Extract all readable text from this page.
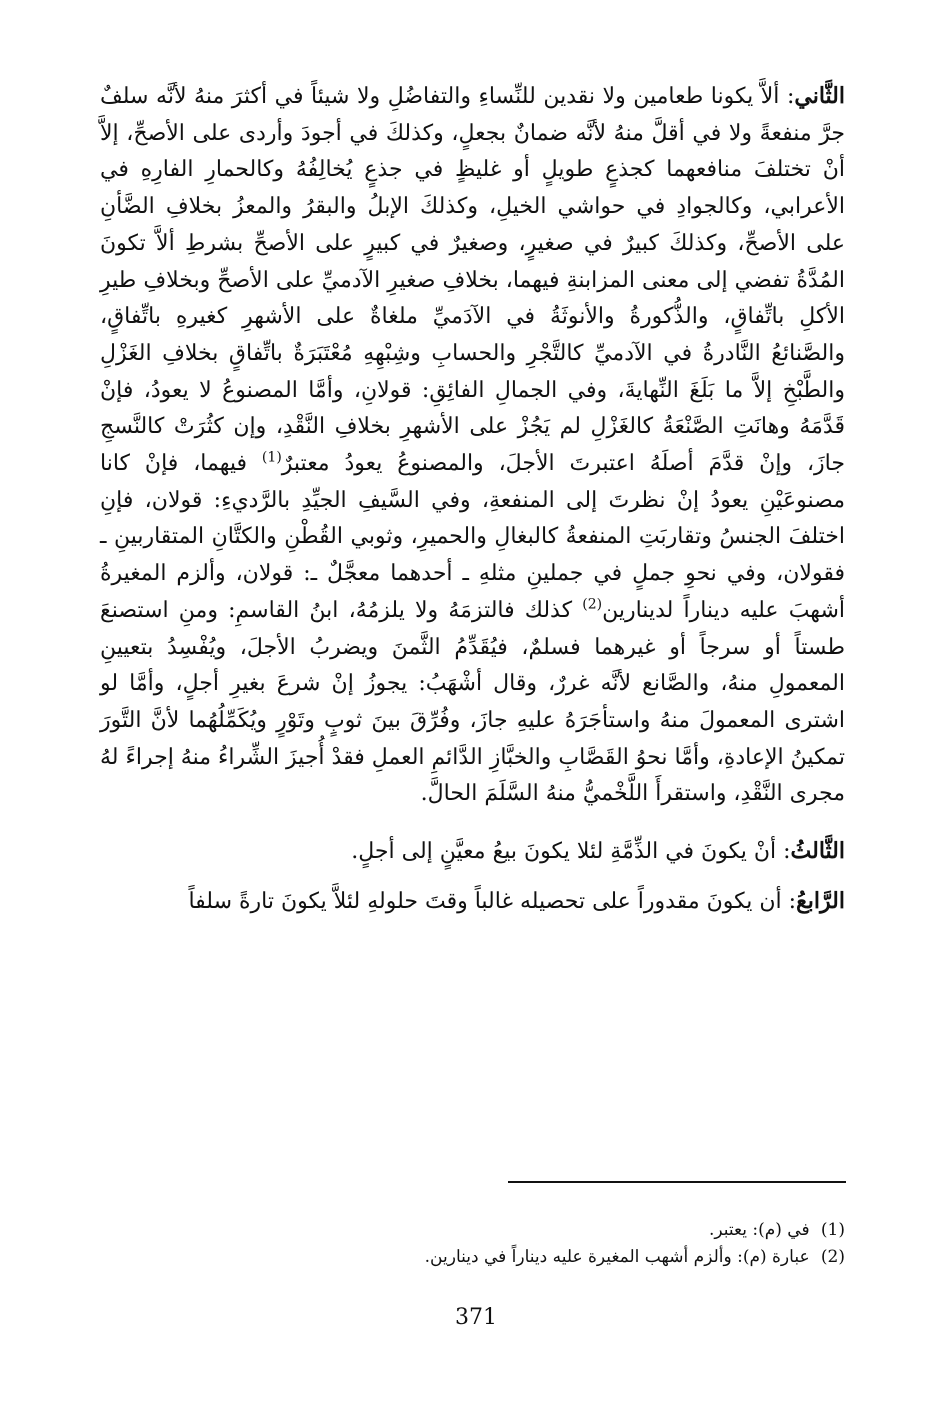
الثَّاني: ألاَّ يكونا طعامين ولا نقدين للنِّساءِ والتفاضُلِ ولا شيئاً في أكثرَ منهُ لأنَّه سلفٌ جرَّ منفعةً ولا في أقلَّ منهُ لأنَّه ضمانٌ بجعلٍ، وكذلكَ في أجودَ وأردى على الأصحِّ، إلاَّ أنْ تختلفَ منافعهما كجذعٍ طويلٍ أو غليظٍ في جذعٍ يُخالِفُهُ وكالحمارِ الفارِهِ في الأعرابي، وكالجوادِ في حواشي الخيلِ، وكذلكَ الإبلُ والبقرُ والمعزُ بخلافِ الضَّأنِ على الأصحِّ، وكذلكَ كبيرٌ في صغيرٍ، وصغيرٌ في كبيرٍ على الأصحِّ بشرطِ ألاَّ تكونَ المُدَّةُ تفضي إلى معنى المزابنةِ فيهما، بخلافِ صغيرِ الآدميِّ على الأصحِّ وبخلافِ طيرِ الأكلِ باتِّفاقٍ، والذُّكورةُ والأنوثَةُ في الآدَميِّ ملغاةٌ على الأشهرِ كغيرهِ باتِّفاقٍ، والصَّنائعُ النَّادرةُ في الآدميِّ كالتَّجْرِ والحسابِ وشِبْهِهِ مُعْتَبَرَةٌ باتِّفاقٍ بخلافِ الغَزْلِ والطَّبْخِ إلاَّ ما بَلَغَ النِّهايةَ، وفي الجمالِ الفائِقِ: قولانِ، وأمَّا المصنوعُ لا يعودُ، فإنْ قَدَّمَهُ وهانَتِ الصَّنْعَةُ كالغَزْلِ لم يَجُزْ على الأشهرِ بخلافِ النَّقْدِ، وإن كثُرَتْ كالنَّسجِ جازَ، وإنْ قدَّمَ أصلَهُ اعتبرتَ الأجلَ، والمصنوعُ يعودُ معتبرٌ$^{(1)}$ فيهما، فإنْ كانا مصنوعَيْنِ يعودُ إنْ نظرتَ إلى المنفعةِ، وفي السَّيفِ الجيِّدِ بالرَّديءِ: قولان، فإنِ اختلفَ الجنسُ وتقاربَتِ المنفعةُ كالبغالِ والحميرِ، وثوبي القُطْنِ والكتَّانِ المتقاربينِ ـ فقولان، وفي نحوِ جملٍ في جملينِ مثلهِ ـ أحدهما معجَّلٌ ـ: قولان، وألزم المغيرةُ أشهبَ عليه ديناراً لدينارين$^{(2)}$ كذلك فالتزمَهُ ولا يلزمُهُ، ابنُ القاسمِ: ومنِ استصنعَ طستاً أو سرجاً أو غيرهما فسلمٌ، فيُقَدِّمُ الثَّمنَ ويضربُ الأجلَ، ويُفْسِدُ بتعيينِ المعمولِ منهُ، والصَّانع لأنَّه غررٌ، وقال أشْهَبُ: يجوزُ إنْ شرعَ بغيرِ أجلٍ، وأمَّا لو اشترى المعمولَ منهُ واستأجَرَهُ عليهِ جازَ، وفُرِّقَ بينَ ثوبٍ وتَوْرٍ ويُكَمِّلُهُما لأنَّ التَّورَ تمكينُ الإعادةِ، وأمَّا نحوُ القَصَّابِ والخبَّازِ الدَّائمِ العملِ فقدْ أُجيزَ الشِّراءُ منهُ إجراءً لهُ مجرى النَّقْدِ، واستقرأَ اللَّخْميُّ منهُ السَّلَمَ الحالَّ.

الثَّالثُ: أنْ يكونَ في الذِّمَّةِ لئلا يكونَ بيعُ معيَّنٍ إلى أجلٍ.

الرَّابعُ: أن يكونَ مقدوراً على تحصيله غالباً وقتَ حلولهِ لئلاَّ يكونَ تارةً سلفاً

(1) في (م): يعتبر.
(2) عبارة (م): وألزم أشهب المغيرة عليه ديناراً في دينارين.
371
